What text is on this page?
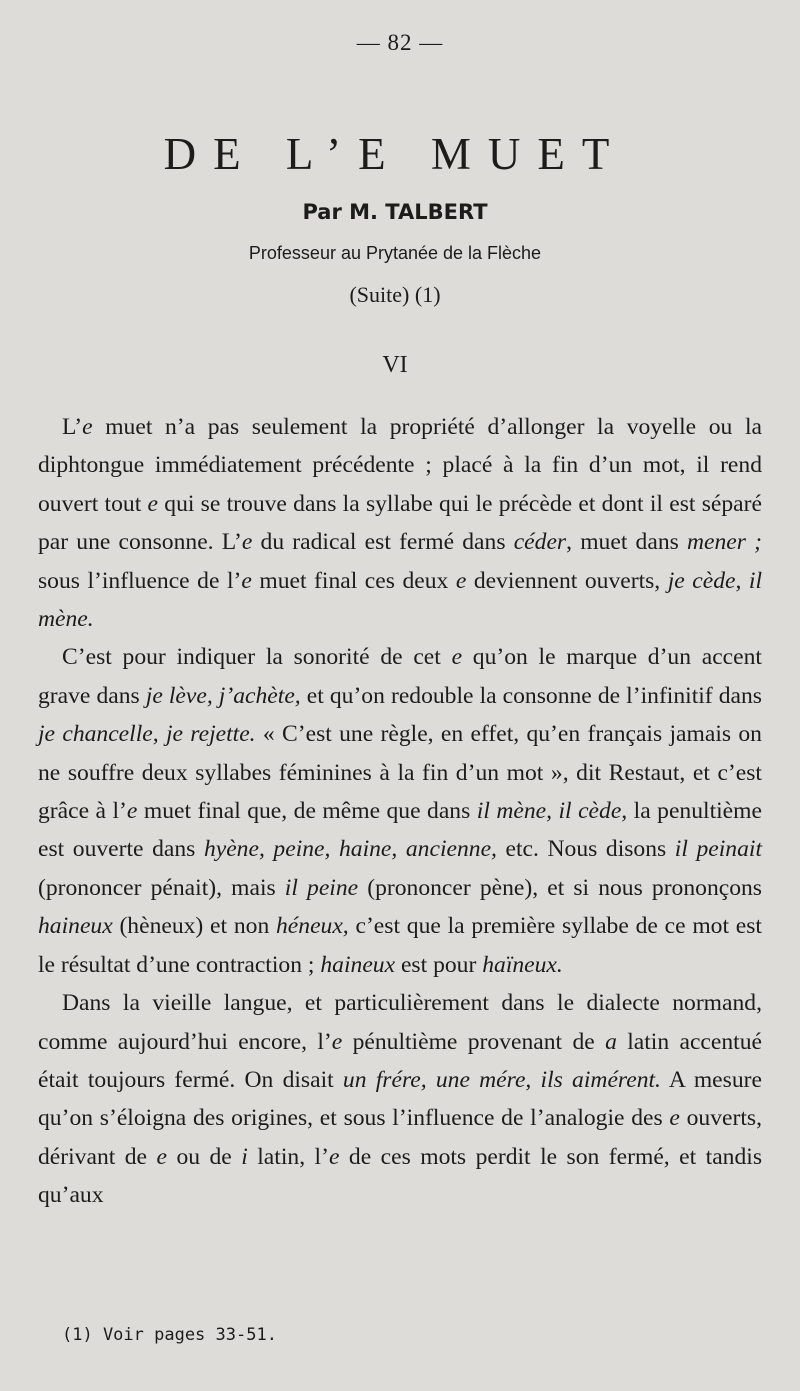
— 82 —
DE L’E MUET
Par M. TALBERT
Professeur au Prytanée de la Flèche
(Suite) (1)
VI

L’e muet n’a pas seulement la propriété d’allonger la voyelle ou la diphtongue immédiatement précédente ; placé à la fin d’un mot, il rend ouvert tout e qui se trouve dans la syllabe qui le précède et dont il est séparé par une consonne. L’e du radical est fermé dans céder, muet dans mener ; sous l’influence de l’e muet final ces deux e deviennent ouverts, je cède, il mène.

C’est pour indiquer la sonorité de cet e qu’on le marque d’un accent grave dans je lève, j’achète, et qu’on redouble la consonne de l’infinitif dans je chancelle, je rejette. « C’est une règle, en effet, qu’en français jamais on ne souffre deux syllabes féminines à la fin d’un mot », dit Restaut, et c’est grâce à l’e muet final que, de même que dans il mène, il cède, la penultième est ouverte dans hyène, peine, haine, ancienne, etc. Nous disons il peinait (prononcer pénait), mais il peine (prononcer pène), et si nous prononçons haineux (hèneux) et non héneux, c’est que la première syllabe de ce mot est le résultat d’une contraction ; haineux est pour haïneux.

Dans la vieille langue, et particulièrement dans le dialecte normand, comme aujourd’hui encore, l’e pénultième provenant de a latin accentué était toujours fermé. On disait un frére, une mére, ils aimérent. A mesure qu’on s’éloigna des origines, et sous l’influence de l’analogie des e ouverts, dérivant de e ou de i latin, l’e de ces mots perdit le son fermé, et tandis qu’aux

(1) Voir pages 33-51.
